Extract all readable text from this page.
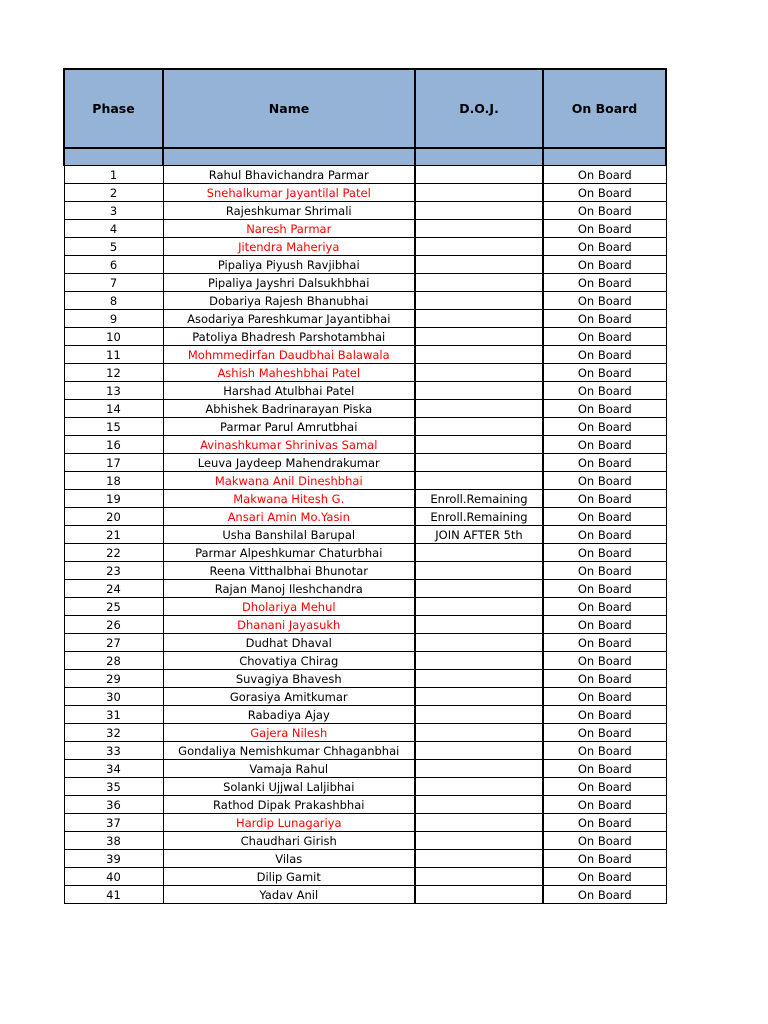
Phase	Name	D.O.J.	On Board

1	Rahul Bhavichandra Parmar		On Board
2	Snehalkumar Jayantilal Patel		On Board
3	Rajeshkumar Shrimali		On Board
4	Naresh Parmar		On Board
5	Jitendra Maheriya		On Board
6	Pipaliya Piyush Ravjibhai		On Board
7	Pipaliya Jayshri Dalsukhbhai		On Board
8	Dobariya Rajesh Bhanubhai		On Board
9	Asodariya Pareshkumar Jayantibhai		On Board
10	Patoliya Bhadresh Parshotambhai		On Board
11	Mohmmedirfan Daudbhai Balawala		On Board
12	Ashish Maheshbhai Patel		On Board
13	Harshad Atulbhai Patel		On Board
14	Abhishek Badrinarayan Piska		On Board
15	Parmar Parul Amrutbhai		On Board
16	Avinashkumar Shrinivas Samal		On Board
17	Leuva Jaydeep Mahendrakumar		On Board
18	Makwana Anil Dineshbhai		On Board
19	Makwana Hitesh G.	Enroll.Remaining	On Board
20	Ansari Amin Mo.Yasin	Enroll.Remaining	On Board
21	Usha Banshilal Barupal	JOIN AFTER 5th	On Board
22	Parmar Alpeshkumar Chaturbhai		On Board
23	Reena Vitthalbhai Bhunotar		On Board
24	Rajan Manoj Ileshchandra		On Board
25	Dholariya Mehul		On Board
26	Dhanani Jayasukh		On Board
27	Dudhat Dhaval		On Board
28	Chovatiya Chirag		On Board
29	Suvagiya Bhavesh		On Board
30	Gorasiya Amitkumar		On Board
31	Rabadiya Ajay		On Board
32	Gajera Nilesh		On Board
33	Gondaliya Nemishkumar Chhaganbhai		On Board
34	Vamaja Rahul		On Board
35	Solanki Ujjwal Laljibhai		On Board
36	Rathod Dipak Prakashbhai		On Board
37	Hardip Lunagariya		On Board
38	Chaudhari Girish		On Board
39	Vilas		On Board
40	Dilip Gamit		On Board
41	Yadav Anil		On Board
